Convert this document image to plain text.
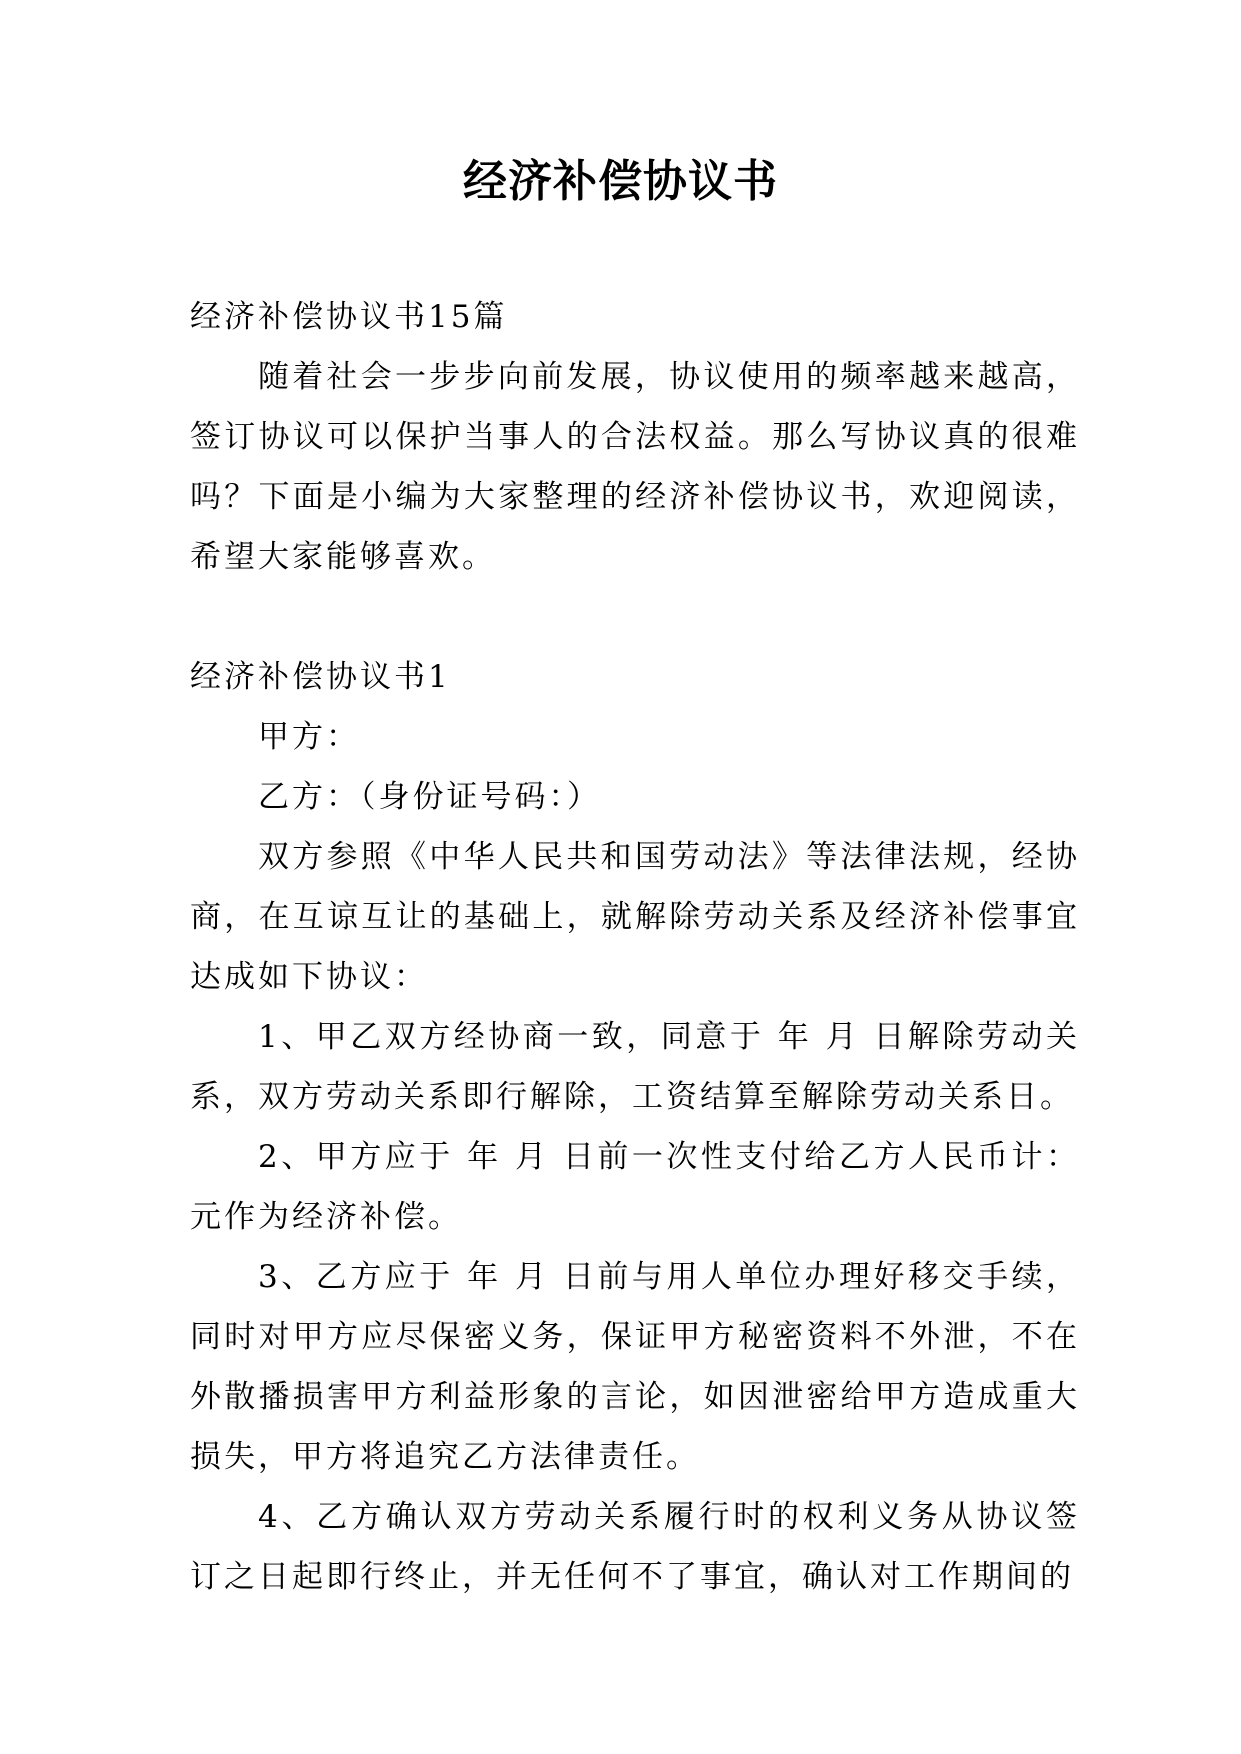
经济补偿协议书

经济补偿协议书15篇

随着社会一步步向前发展，协议使用的频率越来越高，签订协议可以保护当事人的合法权益。那么写协议真的很难吗？下面是小编为大家整理的经济补偿协议书，欢迎阅读，希望大家能够喜欢。

经济补偿协议书1

甲方：

乙方：（身份证号码：）

双方参照《中华人民共和国劳动法》等法律法规，经协商，在互谅互让的基础上，就解除劳动关系及经济补偿事宜达成如下协议：

1、甲乙双方经协商一致，同意于 年 月 日解除劳动关系，双方劳动关系即行解除，工资结算至解除劳动关系日。

2、甲方应于 年 月 日前一次性支付给乙方人民币计：元作为经济补偿。

3、乙方应于 年 月 日前与用人单位办理好移交手续，同时对甲方应尽保密义务，保证甲方秘密资料不外泄，不在外散播损害甲方利益形象的言论，如因泄密给甲方造成重大损失，甲方将追究乙方法律责任。

4、乙方确认双方劳动关系履行时的权利义务从协议签订之日起即行终止，并无任何不了事宜，确认对工作期间的
